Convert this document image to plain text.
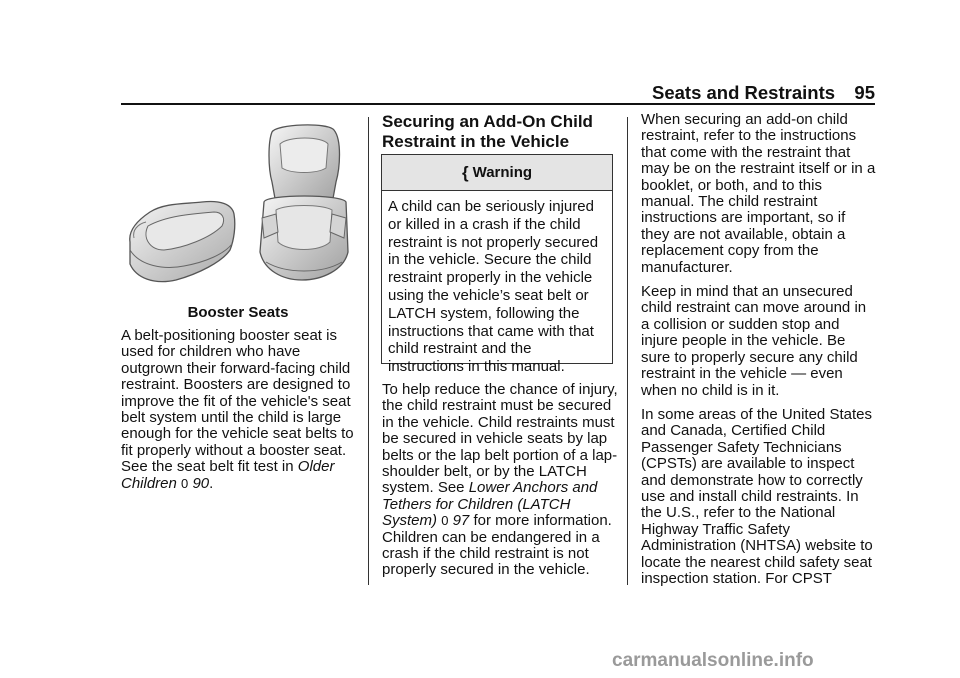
Seats and Restraints 95
Booster Seats

A belt-positioning booster seat is used for children who have outgrown their forward-facing child restraint. Boosters are designed to improve the fit of the vehicle's seat belt system until the child is large enough for the vehicle seat belts to fit properly without a booster seat. See the seat belt fit test in Older Children 0 90.

Securing an Add-On Child Restraint in the Vehicle
{ Warning
A child can be seriously injured or killed in a crash if the child restraint is not properly secured in the vehicle. Secure the child restraint properly in the vehicle using the vehicle’s seat belt or LATCH system, following the instructions that came with that child restraint and the instructions in this manual.

To help reduce the chance of injury, the child restraint must be secured in the vehicle. Child restraints must be secured in vehicle seats by lap belts or the lap belt portion of a lap-shoulder belt, or by the LATCH system. See Lower Anchors and Tethers for Children (LATCH System) 0 97 for more information. Children can be endangered in a crash if the child restraint is not properly secured in the vehicle.

When securing an add-on child restraint, refer to the instructions that come with the restraint that may be on the restraint itself or in a booklet, or both, and to this manual. The child restraint instructions are important, so if they are not available, obtain a replacement copy from the manufacturer.

Keep in mind that an unsecured child restraint can move around in a collision or sudden stop and injure people in the vehicle. Be sure to properly secure any child restraint in the vehicle — even when no child is in it.

In some areas of the United States and Canada, Certified Child Passenger Safety Technicians (CPSTs) are available to inspect and demonstrate how to correctly use and install child restraints. In the U.S., refer to the National Highway Traffic Safety Administration (NHTSA) website to locate the nearest child safety seat inspection station. For CPST

carmanualsonline.info
